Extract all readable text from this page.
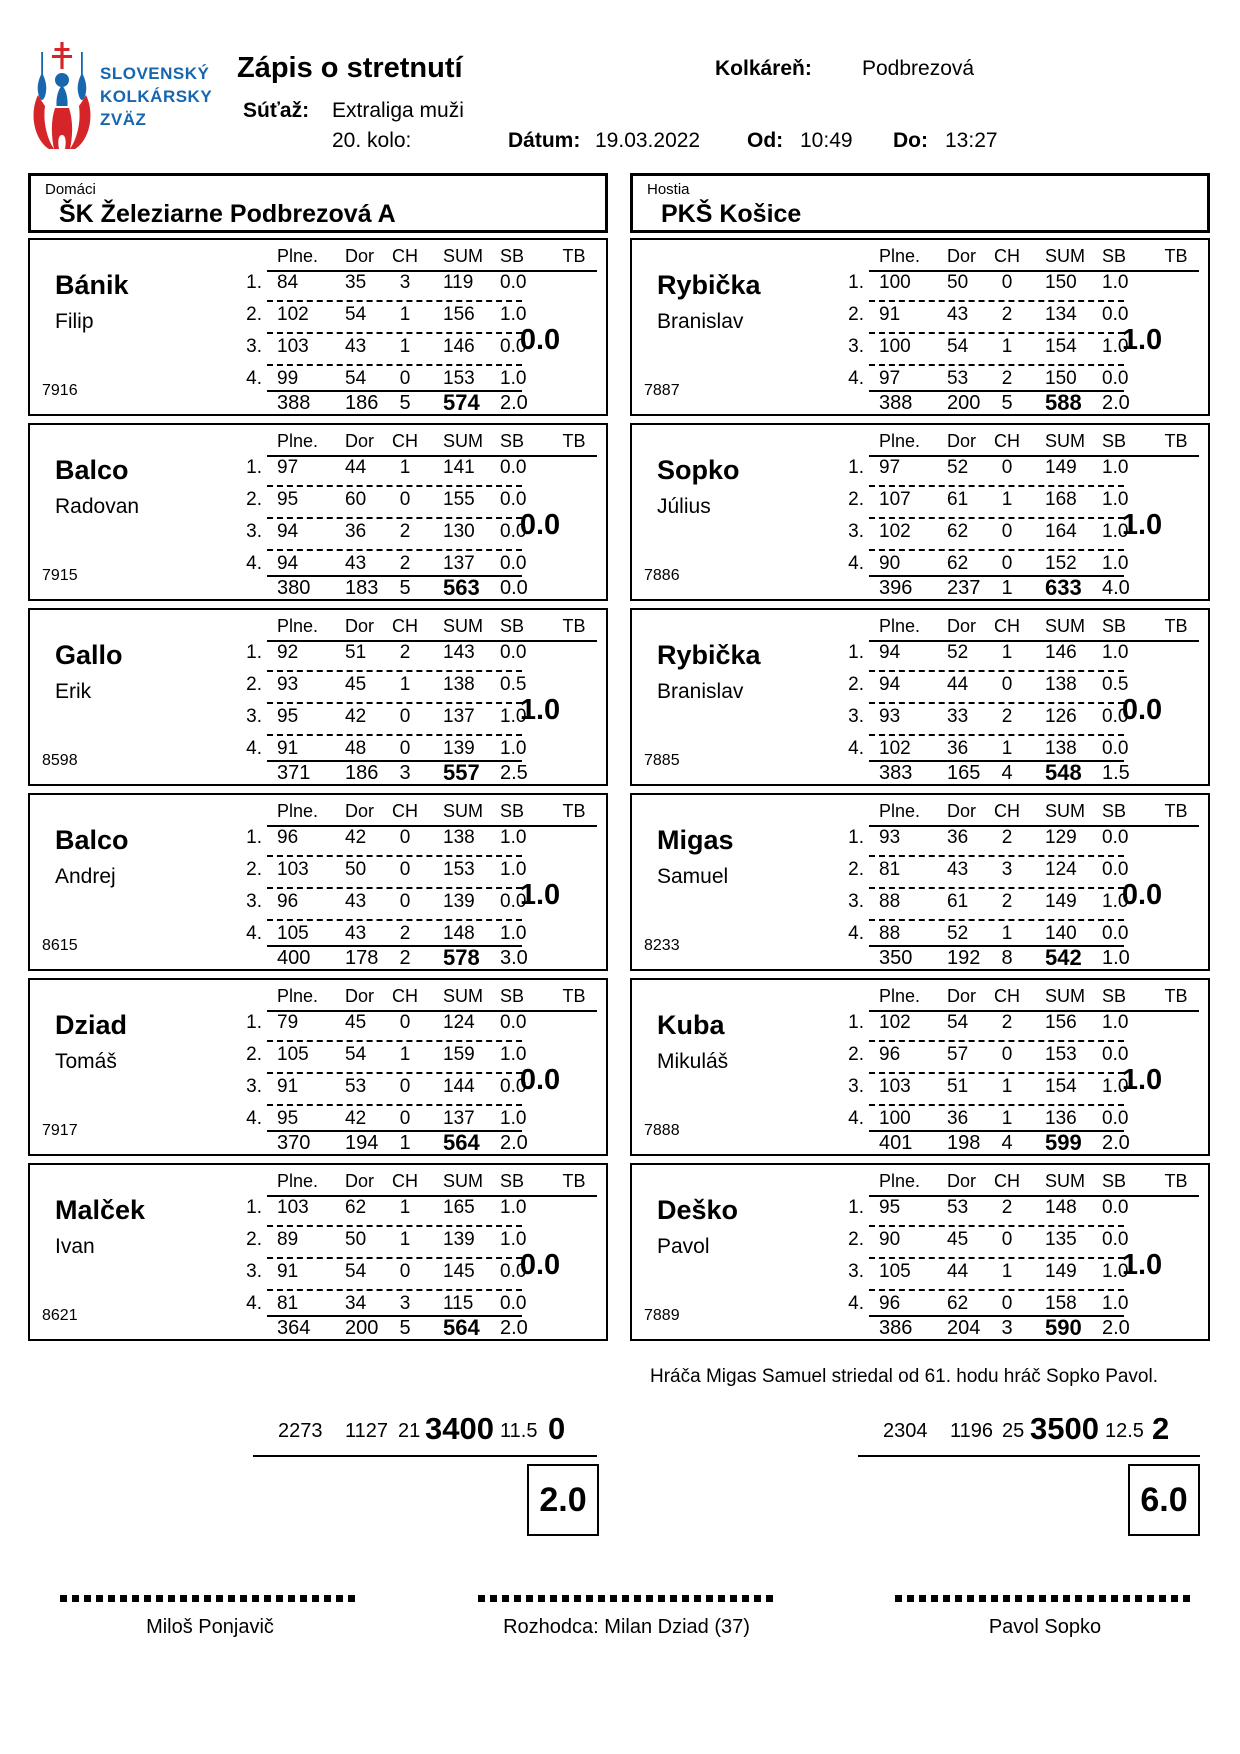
SLOVENSKÝ
KOLKÁRSKY
ZVÄZ
Zápis o stretnutí	Kolkáreň: Podbrezová
Súťaž: Extraliga muži
20. kolo:	Dátum: 19.03.2022 Od: 10:49 Do: 13:27
Domáci
ŠK Železiarne Podbrezová A
Hostia
PKŠ Košice
Bánik
Filip
7916
Plne.	Dor CH	SUM SB	TB
1. 84	35	3	119	0.0
2. 102	54	1	156	1.0
3. 103	43	1	146	0.0
4. 99	54	0	153	1.0
388	186	5	574	2.0
0.0
Balco
Radovan
7915
Plne.	Dor CH	SUM SB	TB
1. 97	44	1	141	0.0
2. 95	60	0	155	0.0
3. 94	36	2	130	0.0
4. 94	43	2	137	0.0
380	183	5	563	0.0
0.0
Gallo
Erik
8598
Plne.	Dor CH	SUM SB	TB
1. 92	51	2	143	0.0
2. 93	45	1	138	0.5
3. 95	42	0	137	1.0
4. 91	48	0	139	1.0
371	186	3	557	2.5
1.0
Balco
Andrej
8615
Plne.	Dor CH	SUM SB	TB
1. 96	42	0	138	1.0
2. 103	50	0	153	1.0
3. 96	43	0	139	0.0
4. 105	43	2	148	1.0
400	178	2	578	3.0
1.0
Dziad
Tomáš
7917
Plne.	Dor CH	SUM SB	TB
1. 79	45	0	124	0.0
2. 105	54	1	159	1.0
3. 91	53	0	144	0.0
4. 95	42	0	137	1.0
370	194	1	564	2.0
0.0
Malček
Ivan
8621
Plne.	Dor CH	SUM SB	TB
1. 103	62	1	165	1.0
2. 89	50	1	139	1.0
3. 91	54	0	145	0.0
4. 81	34	3	115	0.0
364	200	5	564	2.0
0.0
Rybička
Branislav
7887
Plne.	Dor CH	SUM SB	TB
1. 100	50	0	150	1.0
2. 91	43	2	134	0.0
3. 100	54	1	154	1.0
4. 97	53	2	150	0.0
388	200	5	588	2.0
1.0
Sopko
Július
7886
Plne.	Dor CH	SUM SB	TB
1. 97	52	0	149	1.0
2. 107	61	1	168	1.0
3. 102	62	0	164	1.0
4. 90	62	0	152	1.0
396	237	1	633	4.0
1.0
Rybička
Branislav
7885
Plne.	Dor CH	SUM SB	TB
1. 94	52	1	146	1.0
2. 94	44	0	138	0.5
3. 93	33	2	126	0.0
4. 102	36	1	138	0.0
383	165	4	548	1.5
0.0
Migas
Samuel
8233
Plne.	Dor CH	SUM SB	TB
1. 93	36	2	129	0.0
2. 81	43	3	124	0.0
3. 88	61	2	149	1.0
4. 88	52	1	140	0.0
350	192	8	542	1.0
0.0
Kuba
Mikuláš
7888
Plne.	Dor CH	SUM SB	TB
1. 102	54	2	156	1.0
2. 96	57	0	153	0.0
3. 103	51	1	154	1.0
4. 100	36	1	136	0.0
401	198	4	599	2.0
1.0
Deško
Pavol
7889
Plne.	Dor CH	SUM SB	TB
1. 95	53	2	148	0.0
2. 90	45	0	135	0.0
3. 105	44	1	149	1.0
4. 96	62	0	158	1.0
386	204	3	590	2.0
1.0
Hráča Migas Samuel striedal od 61. hodu hráč Sopko Pavol.
2273 1127 21 3400 11.5 0
2.0
2304 1196 25 3500 12.5 2
6.0
Miloš Ponjavič	Rozhodca: Milan Dziad (37)	Pavol Sopko
